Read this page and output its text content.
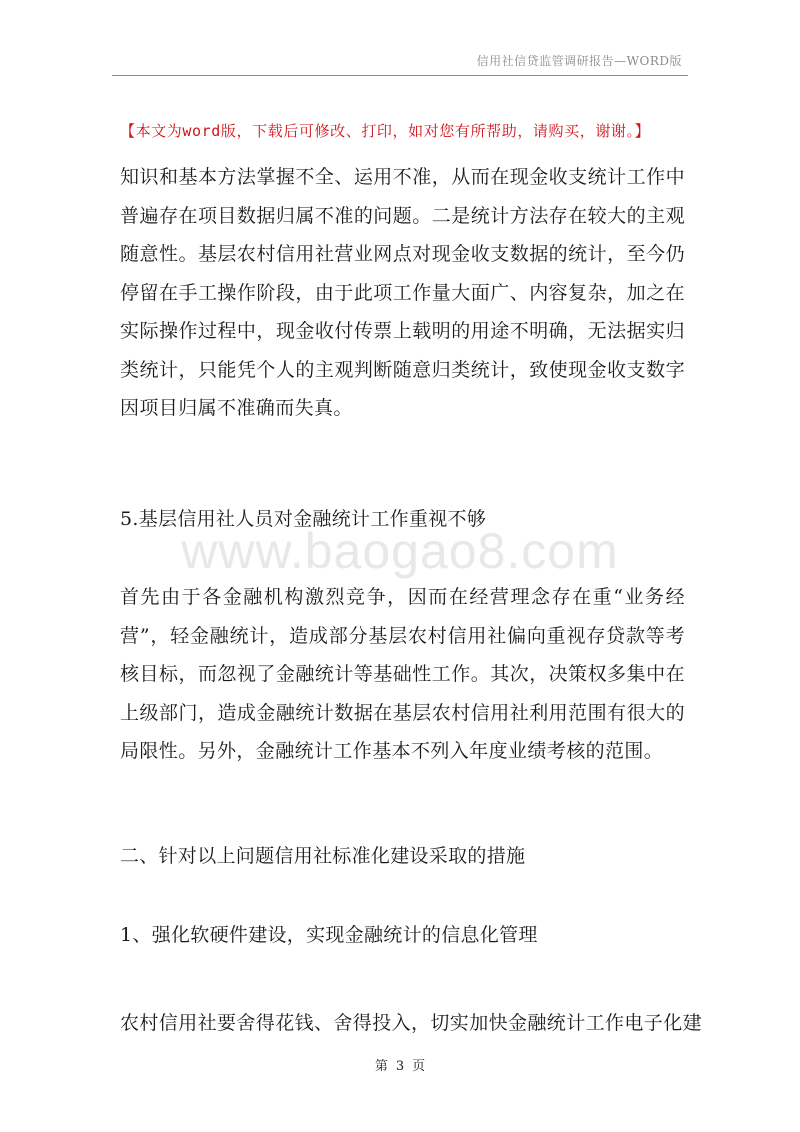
信用社信贷监管调研报告—WORD版
【本文为word版，下载后可修改、打印，如对您有所帮助，请购买，谢谢。】
知识和基本方法掌握不全、运用不准，从而在现金收支统计工作中普遍存在项目数据归属不准的问题。二是统计方法存在较大的主观随意性。基层农村信用社营业网点对现金收支数据的统计，至今仍停留在手工操作阶段，由于此项工作量大面广、内容复杂，加之在实际操作过程中，现金收付传票上载明的用途不明确，无法据实归类统计，只能凭个人的主观判断随意归类统计，致使现金收支数字因项目归属不准确而失真。
5.基层信用社人员对金融统计工作重视不够
www.baogao8.com
首先由于各金融机构激烈竞争，因而在经营理念存在重“业务经营”，轻金融统计，造成部分基层农村信用社偏向重视存贷款等考核目标，而忽视了金融统计等基础性工作。其次，决策权多集中在上级部门，造成金融统计数据在基层农村信用社利用范围有很大的局限性。另外，金融统计工作基本不列入年度业绩考核的范围。
二、针对以上问题信用社标准化建设采取的措施
1、强化软硬件建设，实现金融统计的信息化管理
农村信用社要舍得花钱、舍得投入，切实加快金融统计工作电子化建
第 3 页
